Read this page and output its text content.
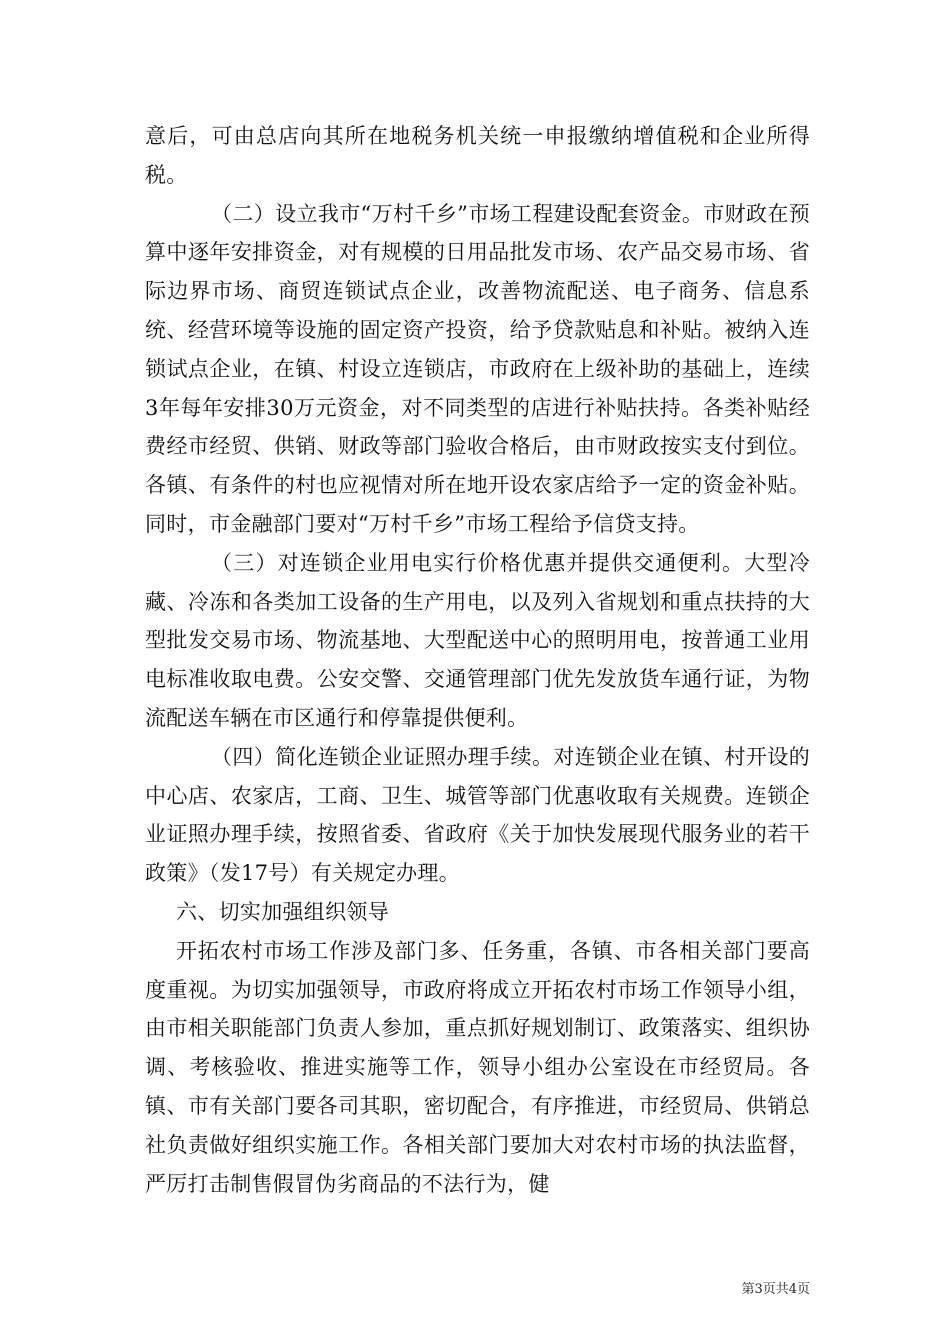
意后，可由总店向其所在地税务机关统一申报缴纳增值税和企业所得税。

（二）设立我市“万村千乡”市场工程建设配套资金。市财政在预算中逐年安排资金，对有规模的日用品批发市场、农产品交易市场、省际边界市场、商贸连锁试点企业，改善物流配送、电子商务、信息系统、经营环境等设施的固定资产投资，给予贷款贴息和补贴。被纳入连锁试点企业，在镇、村设立连锁店，市政府在上级补助的基础上，连续3年每年安排30万元资金，对不同类型的店进行补贴扶持。各类补贴经费经市经贸、供销、财政等部门验收合格后，由市财政按实支付到位。各镇、有条件的村也应视情对所在地开设农家店给予一定的资金补贴。同时，市金融部门要对“万村千乡”市场工程给予信贷支持。

（三）对连锁企业用电实行价格优惠并提供交通便利。大型冷藏、冷冻和各类加工设备的生产用电，以及列入省规划和重点扶持的大型批发交易市场、物流基地、大型配送中心的照明用电，按普通工业用电标准收取电费。公安交警、交通管理部门优先发放货车通行证，为物流配送车辆在市区通行和停靠提供便利。

（四）简化连锁企业证照办理手续。对连锁企业在镇、村开设的中心店、农家店，工商、卫生、城管等部门优惠收取有关规费。连锁企业证照办理手续，按照省委、省政府《关于加快发展现代服务业的若干政策》（发17号）有关规定办理。

六、切实加强组织领导

开拓农村市场工作涉及部门多、任务重，各镇、市各相关部门要高度重视。为切实加强领导，市政府将成立开拓农村市场工作领导小组，由市相关职能部门负责人参加，重点抓好规划制订、政策落实、组织协调、考核验收、推进实施等工作，领导小组办公室设在市经贸局。各镇、市有关部门要各司其职，密切配合，有序推进，市经贸局、供销总社负责做好组织实施工作。各相关部门要加大对农村市场的执法监督，严厉打击制售假冒伪劣商品的不法行为，健

第3页共4页
